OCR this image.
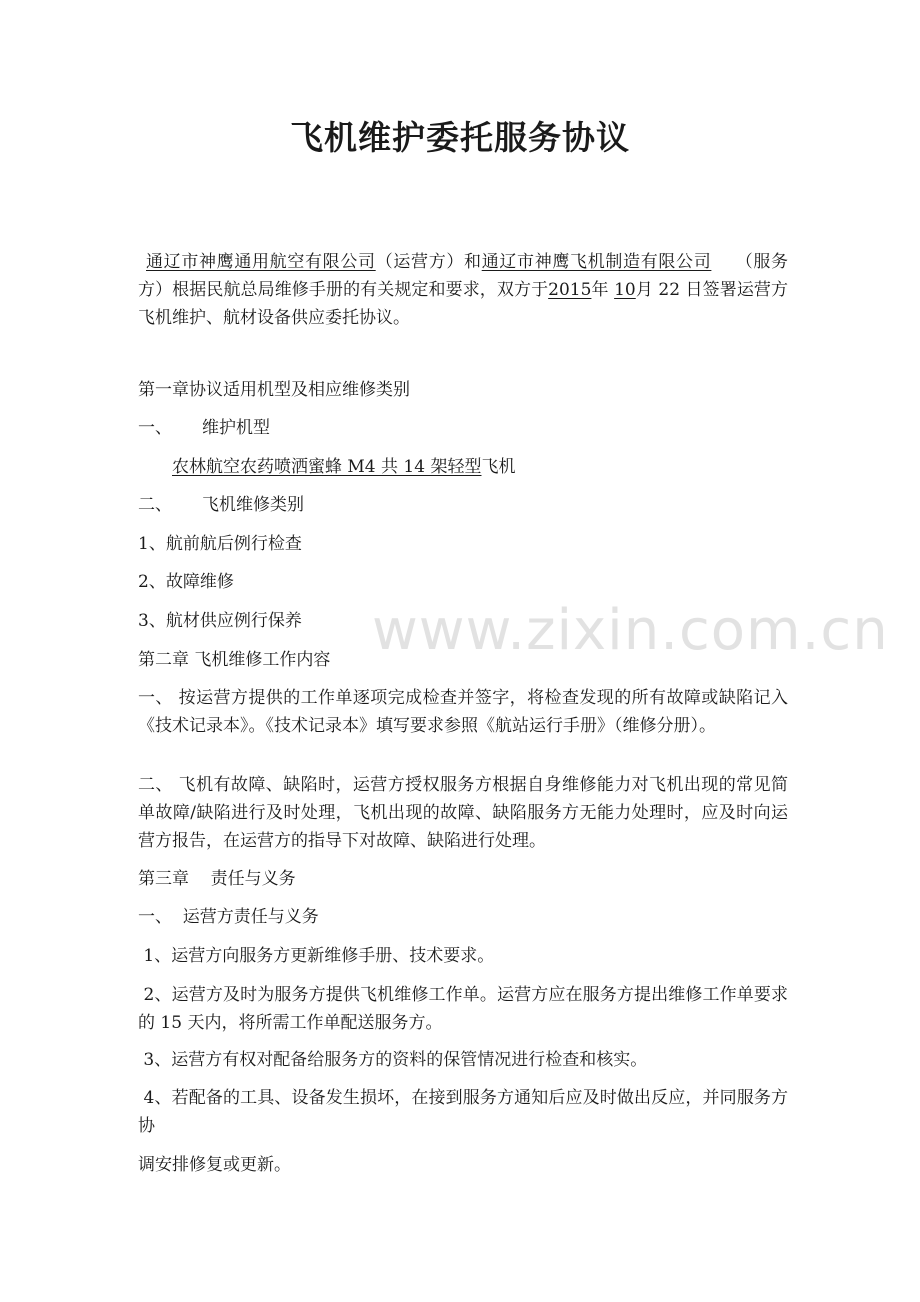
飞机维护委托服务协议

通辽市神鹰通用航空有限公司（运营方）和通辽市神鹰飞机制造有限公司 （服务方）根据民航总局维修手册的有关规定和要求，双方于2015年 10月 22 日签署运营方飞机维护、航材设备供应委托协议。

第一章协议适用机型及相应维修类别

一、 维护机型

农林航空农药喷洒蜜蜂 M4 共 14 架轻型飞机

二、 飞机维修类别

1、航前航后例行检查

2、故障维修

3、航材供应例行保养

第二章 飞机维修工作内容

一、 按运营方提供的工作单逐项完成检查并签字，将检查发现的所有故障或缺陷记入《技术记录本》。《技术记录本》填写要求参照《航站运行手册》（维修分册）。

二、 飞机有故障、缺陷时，运营方授权服务方根据自身维修能力对飞机出现的常见简单故障/缺陷进行及时处理，飞机出现的故障、缺陷服务方无能力处理时，应及时向运营方报告，在运营方的指导下对故障、缺陷进行处理。

第三章    责任与义务

一、  运营方责任与义务

1、运营方向服务方更新维修手册、技术要求。

2、运营方及时为服务方提供飞机维修工作单。运营方应在服务方提出维修工作单要求的 15 天内，将所需工作单配送服务方。

3、运营方有权对配备给服务方的资料的保管情况进行检查和核实。

4、若配备的工具、设备发生损坏，在接到服务方通知后应及时做出反应，并同服务方协

调安排修复或更新。

www.zixin.com.cn
